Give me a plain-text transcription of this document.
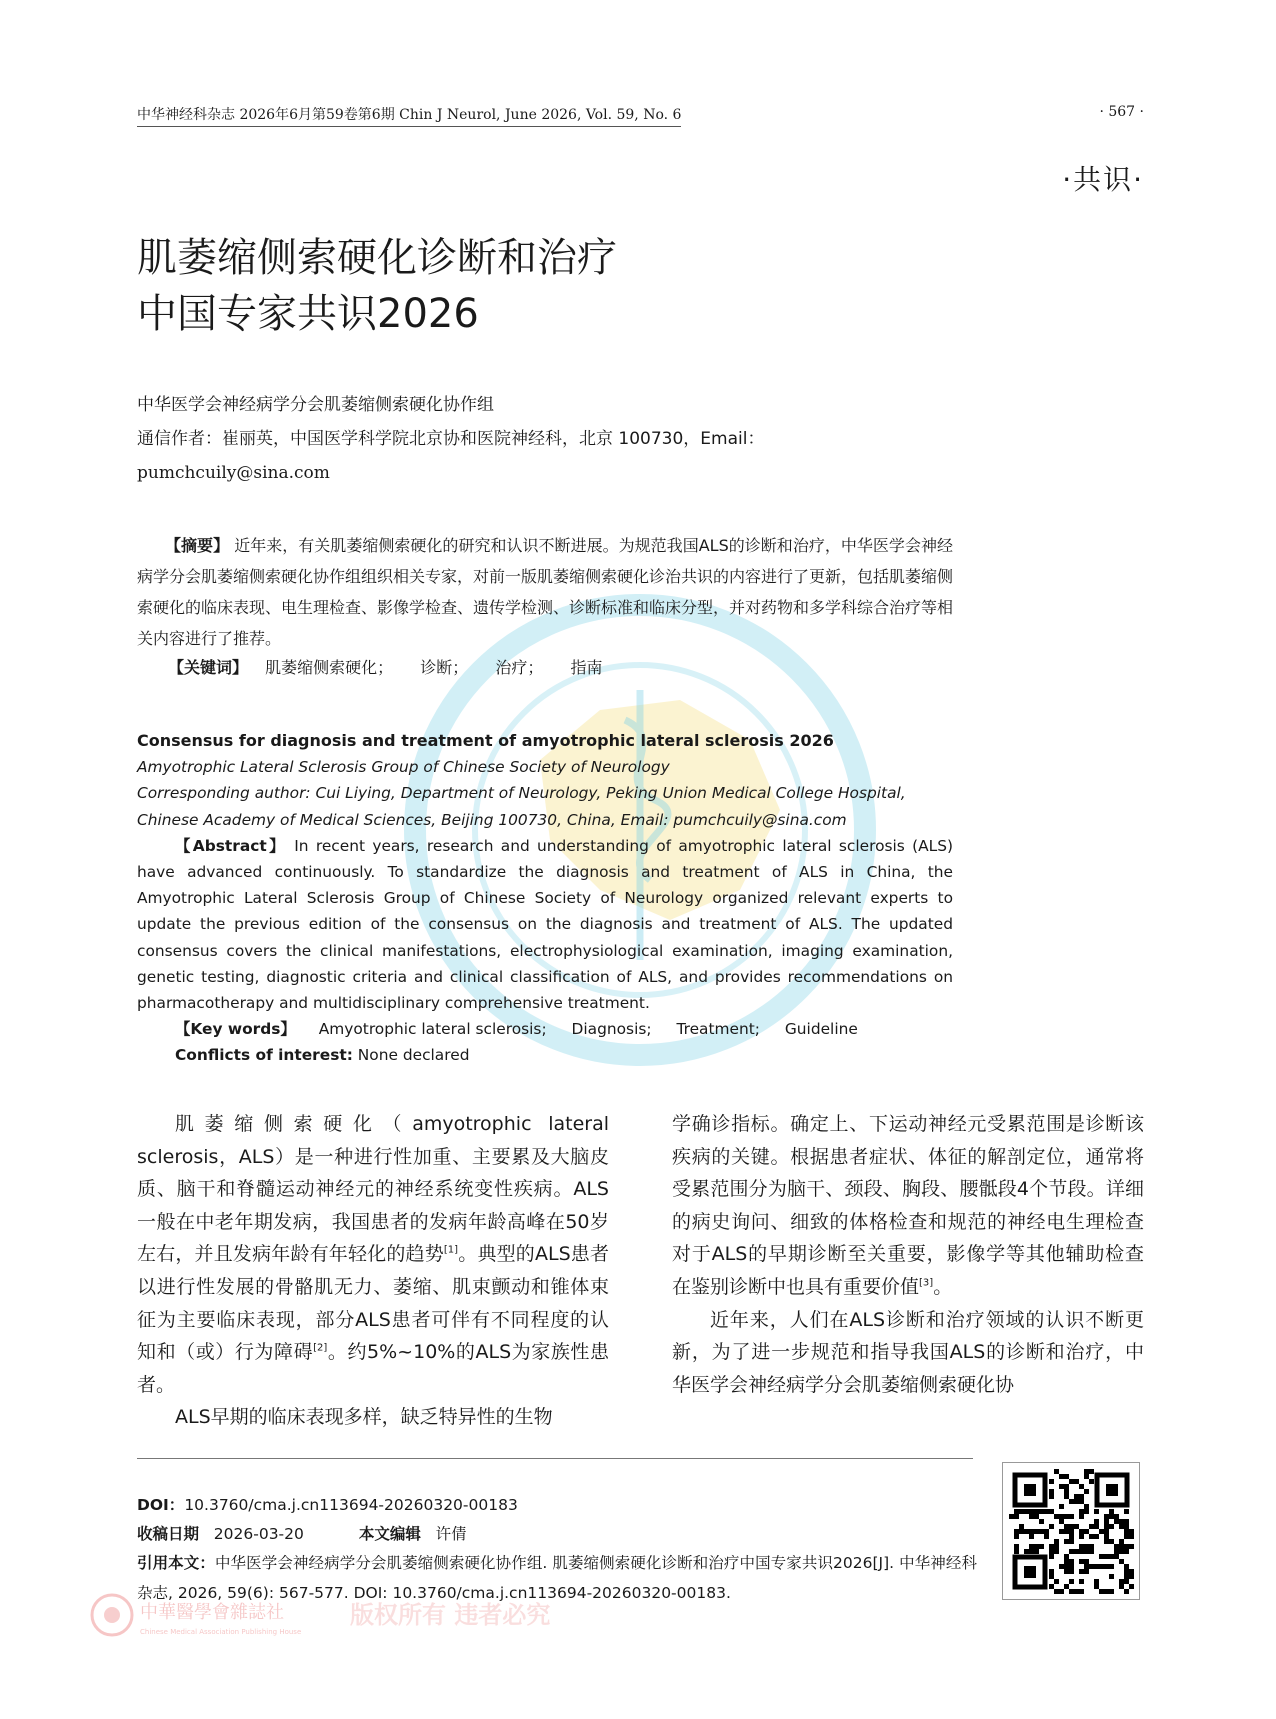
中华神经科杂志 2026年6月第59卷第6期 Chin J Neurol, June 2026, Vol. 59, No. 6	· 567 ·
·共识·
肌萎缩侧索硬化诊断和治疗
中国专家共识2026
中华医学会神经病学分会肌萎缩侧索硬化协作组
通信作者：崔丽英，中国医学科学院北京协和医院神经科，北京 100730，Email：
pumchcuily@sina.com
【摘要】 近年来，有关肌萎缩侧索硬化的研究和认识不断进展。为规范我国ALS的诊断和治疗，中华医学会神经病学分会肌萎缩侧索硬化协作组组织相关专家，对前一版肌萎缩侧索硬化诊治共识的内容进行了更新，包括肌萎缩侧索硬化的临床表现、电生理检查、影像学检查、遗传学检测、诊断标准和临床分型，并对药物和多学科综合治疗等相关内容进行了推荐。
【关键词】 肌萎缩侧索硬化； 诊断； 治疗； 指南
Consensus for diagnosis and treatment of amyotrophic lateral sclerosis 2026
Amyotrophic Lateral Sclerosis Group of Chinese Society of Neurology
Corresponding author: Cui Liying, Department of Neurology, Peking Union Medical College Hospital, Chinese Academy of Medical Sciences, Beijing 100730, China, Email: pumchcuily@sina.com
【Abstract】 In recent years, research and understanding of amyotrophic lateral sclerosis (ALS) have advanced continuously. To standardize the diagnosis and treatment of ALS in China, the Amyotrophic Lateral Sclerosis Group of Chinese Society of Neurology organized relevant experts to update the previous edition of the consensus on the diagnosis and treatment of ALS. The updated consensus covers the clinical manifestations, electrophysiological examination, imaging examination, genetic testing, diagnostic criteria and clinical classification of ALS, and provides recommendations on pharmacotherapy and multidisciplinary comprehensive treatment.
【Key words】 Amyotrophic lateral sclerosis; Diagnosis; Treatment; Guideline
Conflicts of interest: None declared

肌萎缩侧索硬化（amyotrophic lateral sclerosis，ALS）是一种进行性加重、主要累及大脑皮质、脑干和脊髓运动神经元的神经系统变性疾病。ALS一般在中老年期发病，我国患者的发病年龄高峰在50岁左右，并且发病年龄有年轻化的趋势[1]。典型的ALS患者以进行性发展的骨骼肌无力、萎缩、肌束颤动和锥体束征为主要临床表现，部分ALS患者可伴有不同程度的认知和（或）行为障碍[2]。约5%~10%的ALS为家族性患者。

ALS早期的临床表现多样，缺乏特异性的生物

学确诊指标。确定上、下运动神经元受累范围是诊断该疾病的关键。根据患者症状、体征的解剖定位，通常将受累范围分为脑干、颈段、胸段、腰骶段4个节段。详细的病史询问、细致的体格检查和规范的神经电生理检查对于ALS的早期诊断至关重要，影像学等其他辅助检查在鉴别诊断中也具有重要价值[3]。

近年来，人们在ALS诊断和治疗领域的认识不断更新，为了进一步规范和指导我国ALS的诊断和治疗，中华医学会神经病学分会肌萎缩侧索硬化协

DOI：10.3760/cma.j.cn113694-20260320-00183
收稿日期 2026-03-20	本文编辑 许倩
引用本文：中华医学会神经病学分会肌萎缩侧索硬化协作组. 肌萎缩侧索硬化诊断和治疗中国专家共识2026[J]. 中华神经科杂志, 2026, 59(6): 567-577. DOI: 10.3760/cma.j.cn113694-20260320-00183.
中華醫學會雜誌社
Chinese Medical Association Publishing House
版权所有 违者必究
